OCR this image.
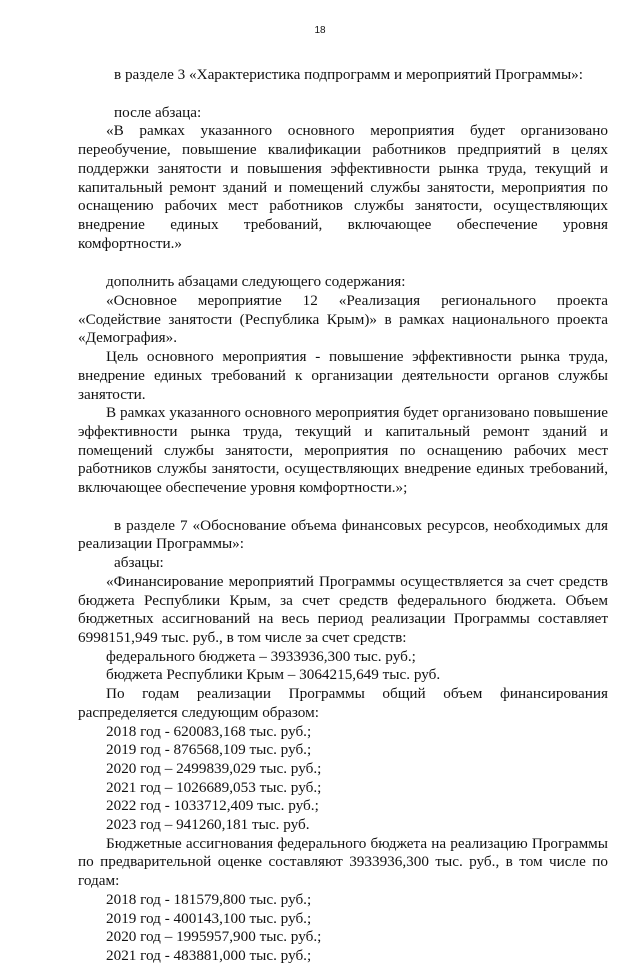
18

в разделе 3 «Характеристика подпрограмм и мероприятий Программы»:

после абзаца:

«В рамках указанного основного мероприятия будет организовано переобучение, повышение квалификации работников предприятий в целях поддержки занятости и повышения эффективности рынка труда, текущий и капитальный ремонт зданий и помещений службы занятости, мероприятия по оснащению рабочих мест работников службы занятости, осуществляющих внедрение единых требований, включающее обеспечение уровня комфортности.»

дополнить абзацами следующего содержания:

«Основное мероприятие 12 «Реализация регионального проекта «Содействие занятости (Республика Крым)» в рамках национального проекта «Демография».

Цель основного мероприятия - повышение эффективности рынка труда, внедрение единых требований к организации деятельности органов службы занятости.

В рамках указанного основного мероприятия будет организовано повышение эффективности рынка труда, текущий и капитальный ремонт зданий и помещений службы занятости, мероприятия по оснащению рабочих мест работников службы занятости, осуществляющих внедрение единых требований, включающее обеспечение уровня комфортности.»;

в разделе 7 «Обоснование объема финансовых ресурсов, необходимых для реализации Программы»:

абзацы:

«Финансирование мероприятий Программы осуществляется за счет средств бюджета Республики Крым, за счет средств федерального бюджета. Объем бюджетных ассигнований на весь период реализации Программы составляет 6998151,949 тыс. руб., в том числе за счет средств:

федерального бюджета – 3933936,300 тыс. руб.;

бюджета Республики Крым – 3064215,649 тыс. руб.

По годам реализации Программы общий объем финансирования распределяется следующим образом:

2018 год - 620083,168 тыс. руб.;

2019 год - 876568,109 тыс. руб.;

2020 год – 2499839,029 тыс. руб.;

2021 год – 1026689,053 тыс. руб.;

2022 год - 1033712,409 тыс. руб.;

2023 год – 941260,181 тыс. руб.

Бюджетные ассигнования федерального бюджета на реализацию Программы по предварительной оценке составляют 3933936,300 тыс. руб., в том числе по годам:

2018 год - 181579,800 тыс. руб.;

2019 год - 400143,100 тыс. руб.;

2020 год – 1995957,900 тыс. руб.;

2021 год - 483881,000 тыс. руб.;
